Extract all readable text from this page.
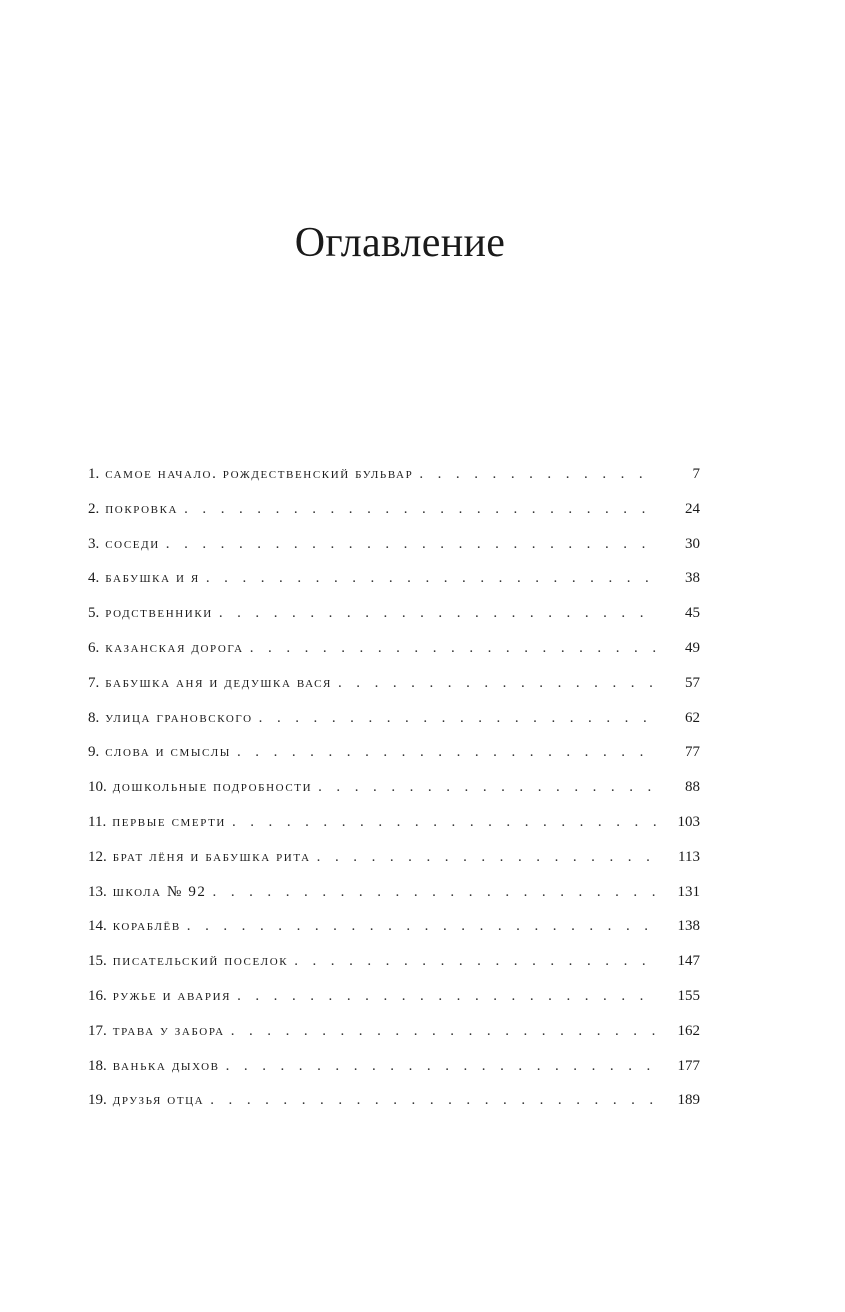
Оглавление
1. самое начало. рождественский бульвар . . .	7
2. покровка . . .	24
3. соседи . . .	30
4. бабушка и я . . .	38
5. родственники . . .	45
6. казанская дорога . . .	49
7. бабушка аня и дедушка вася . . .	57
8. улица грановского . . .	62
9. слова и смыслы . . .	77
10. дошкольные подробности . . .	88
11. первые смерти . . .	103
12. брат лёня и бабушка рита . . .	113
13. школа № 92 . . .	131
14. кораблёв . . .	138
15. писательский поселок . . .	147
16. ружье и авария . . .	155
17. трава у забора . . .	162
18. ванька дыхов . . .	177
19. друзья отца . . .	189
